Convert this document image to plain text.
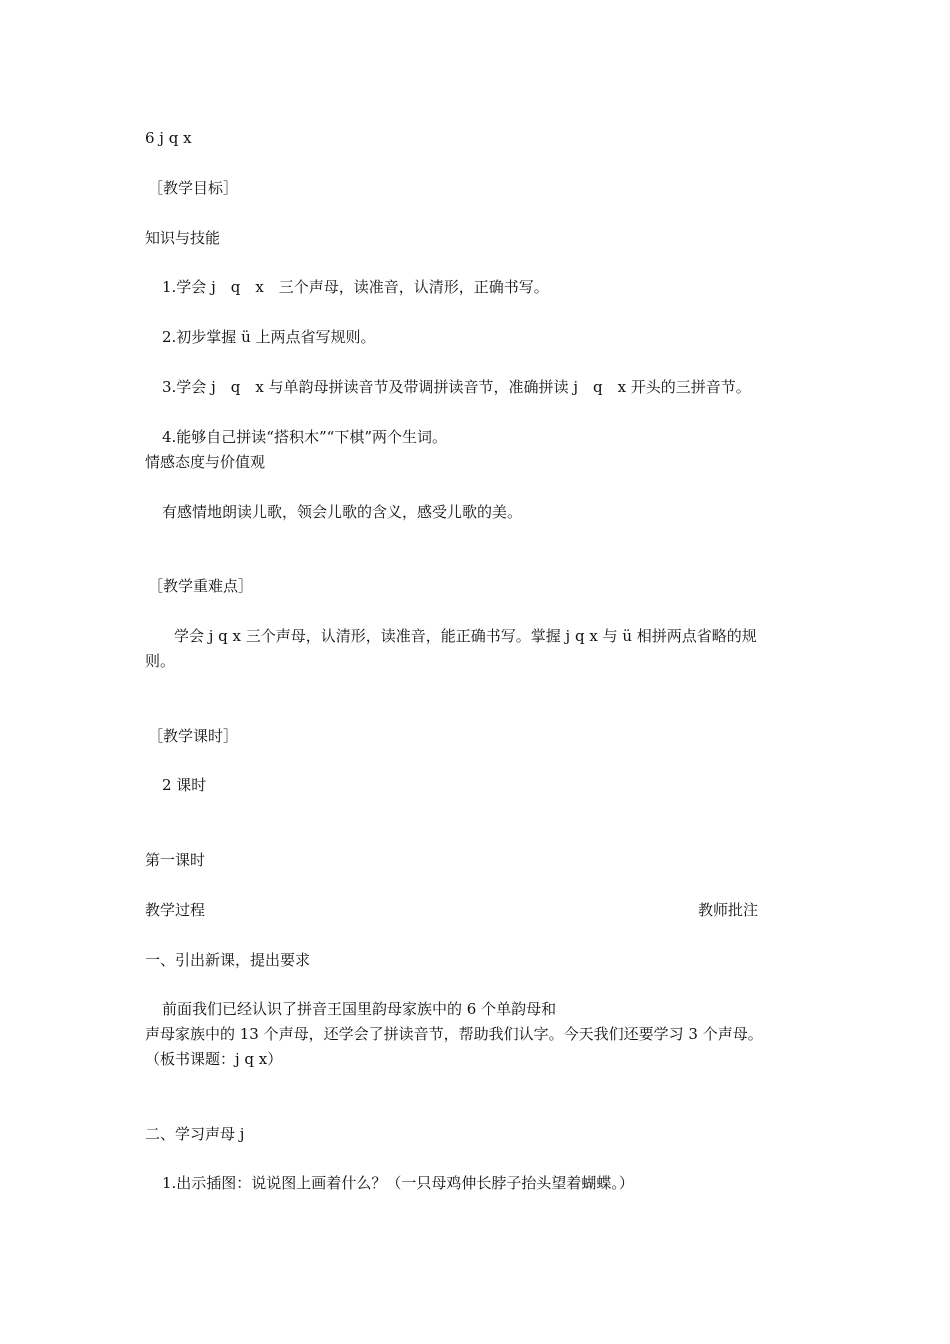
6 j q x
［教学目标］
知识与技能
1.学会 j　q　x　三个声母，读准音，认清形，正确书写。
2.初步掌握 ü 上两点省写规则。
3.学会 j　q　x 与单韵母拼读音节及带调拼读音节，准确拼读 j　q　x 开头的三拼音节。
4.能够自己拼读“搭积木”“下棋”两个生词。
情感态度与价值观
有感情地朗读儿歌，领会儿歌的含义，感受儿歌的美。
［教学重难点］
学会 j q x 三个声母，认清形，读准音，能正确书写。掌握 j q x 与 ü 相拼两点省略的规
则。
［教学课时］
2 课时
第一课时
教学过程	教师批注
一、引出新课，提出要求
前面我们已经认识了拼音王国里韵母家族中的 6 个单韵母和
声母家族中的 13 个声母，还学会了拼读音节，帮助我们认字。今天我们还要学习 3 个声母。
（板书课题：j q x）
二、学习声母 j
1.出示插图：说说图上画着什么？（一只母鸡伸长脖子抬头望着蝴蝶。）
